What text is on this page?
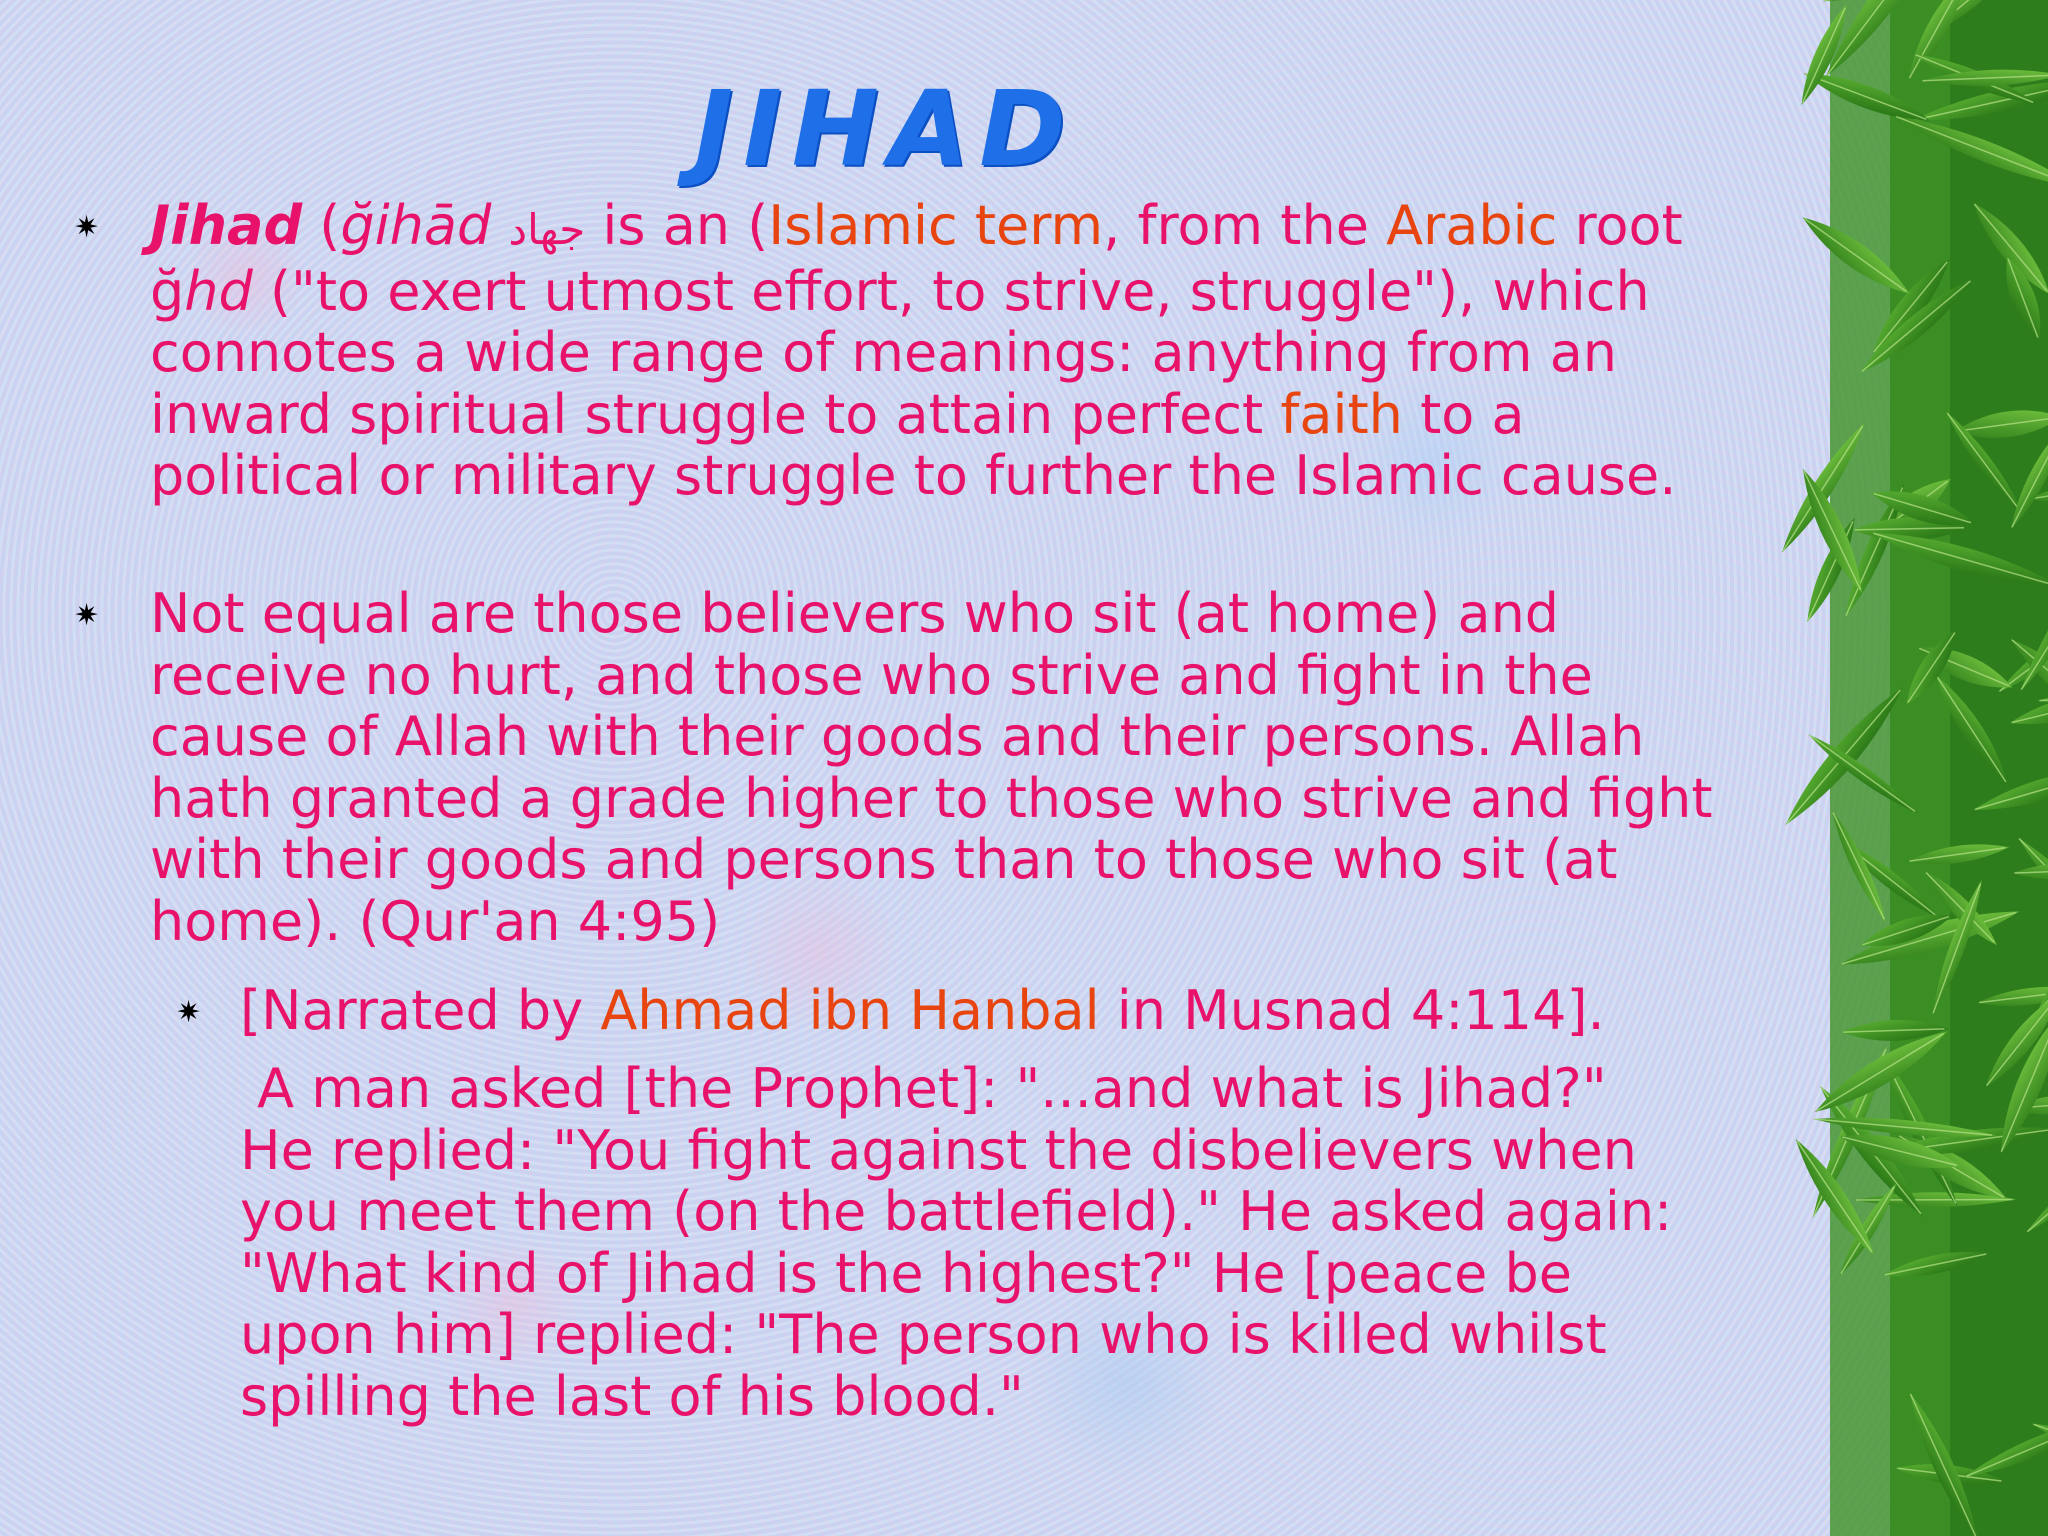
JIHAD
✷ Jihad (ğihād جهاد is an (Islamic term, from the Arabic root ğhd ("to exert utmost effort, to strive, struggle"), which connotes a wide range of meanings: anything from an inward spiritual struggle to attain perfect faith to a political or military struggle to further the Islamic cause.
✷ Not equal are those believers who sit (at home) and receive no hurt, and those who strive and fight in the cause of Allah with their goods and their persons. Allah hath granted a grade higher to those who strive and fight with their goods and persons than to those who sit (at home). (Qur'an 4:95)
✷ [Narrated by Ahmad ibn Hanbal in Musnad 4:114].
A man asked [the Prophet]: "...and what is Jihad?" He replied: "You fight against the disbelievers when you meet them (on the battlefield)." He asked again: "What kind of Jihad is the highest?" He [peace be upon him] replied: "The person who is killed whilst spilling the last of his blood."
